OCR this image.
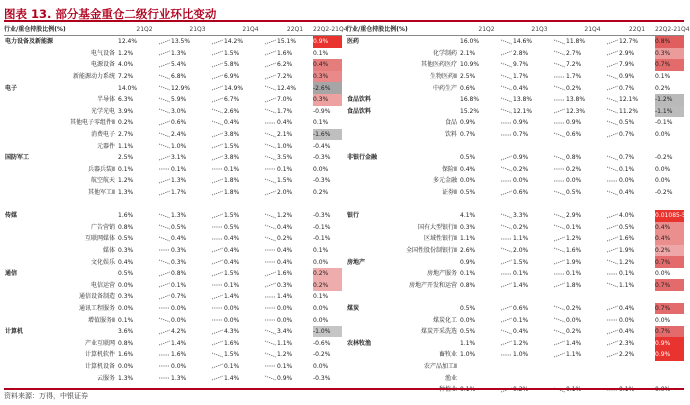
图表 13. 部分基金重仓二级行业环比变动
行业/重仓持股比例(%)		21Q2		21Q3		21Q4		22Q1	22Q2-21Q4
电力设备及新能源		12.4%		13.5%		14.2%		15.1%	0.9%
	电气设备	1.2%		1.3%		1.5%		1.6%	0.1%
	电源设备	4.0%		5.4%		5.8%		6.2%	0.4%
	新能源动力系统	7.2%		6.8%		6.9%		7.2%	0.3%
电子		14.0%		12.9%		14.9%		12.4%	-2.6%
	半导体	6.3%		5.9%		6.7%		7.0%	0.3%
	光学光电	3.9%		3.0%		2.6%		1.7%	-0.9%
	其他电子零组件Ⅱ	0.2%		0.6%		0.4%		0.4%	0.1%
	消费电子	2.7%		2.4%		3.8%		2.1%	-1.6%
	元器件	1.1%		1.0%		1.5%		1.0%	-0.4%
国防军工		2.5%		3.1%		3.8%		3.5%	-0.3%
	兵器兵装Ⅱ	0.1%		0.1%		0.1%		0.1%	0.0%
	航空航天	1.2%		1.3%		1.8%		1.5%	-0.3%
	其他军工Ⅱ	1.3%		1.7%		1.8%		2.0%	0.2%

传媒		1.6%		1.3%		1.5%		1.2%	-0.3%
	广告营销	0.8%		0.5%		0.5%		0.4%	-0.1%
	互联网媒体	0.5%		0.4%		0.4%		0.2%	-0.1%
	媒体	0.3%		0.3%		0.4%		0.4%	0.1%
	文化娱乐	0.4%		0.3%		0.4%		0.4%	0.0%
通信		0.5%		0.8%		1.5%		1.6%	0.2%
	电信运营	0.0%		0.1%		0.1%		0.3%	0.2%
	通信设备制造	0.3%		0.7%		1.4%		1.4%	0.1%
	通讯工程服务	0.0%		0.0%		0.0%		0.0%	0.0%
	增值服务Ⅱ	0.1%		0.0%		0.0%		0.0%	0.0%
计算机		3.6%		4.2%		4.3%		3.4%	-1.0%
	产业互联网	0.8%		1.4%		1.6%		1.1%	-0.6%
	计算机软件	1.6%		1.6%		1.5%		1.2%	-0.2%
	计算机设备	0.0%		0.0%		0.1%		0.1%	0.0%
	云服务	1.3%		1.3%		1.4%		0.9%	-0.3%
行业/重仓持股比例(%)		21Q2		21Q3		21Q4		22Q1	22Q2-21Q4
医药		16.0%		14.6%		11.8%		12.7%	0.8%
	化学制药	2.1%		2.8%		2.7%		2.9%	0.3%
	其他医药医疗	10.9%		9.7%		7.2%		7.9%	0.7%
	生物医药Ⅱ	2.5%		1.7%		1.7%		0.9%	0.1%
	中药生产	0.6%		0.4%		0.2%		0.7%	0.2%
食品饮料		16.8%		13.8%		13.8%		12.1%	-1.2%
食品饮料		15.2%		12.1%		12.3%		11.2%	-1.1%
	食品	0.9%		0.9%		0.9%		0.5%	-0.1%
	饮料	0.7%		0.7%		0.6%		0.7%	0.0%

非银行金融		0.5%		0.9%		0.8%		0.7%	-0.2%
	保险Ⅱ	0.4%		0.2%		0.2%		0.1%	0.0%
	多元金融	0.0%		0.0%		0.0%		0.0%	0.0%
	证券Ⅱ	0.5%		0.6%		0.5%		0.4%	-0.2%

银行		4.1%		3.3%		2.9%		4.0%	0.01085-5
	国有大型银行Ⅱ	0.3%		0.2%		0.1%		0.5%	0.4%
	区域性银行Ⅱ	1.1%		1.1%		1.2%		1.6%	0.4%
	全国性股份制银行Ⅱ	2.6%		2.0%		1.6%		1.9%	0.2%
房地产		0.9%		1.5%		1.9%		1.2%	0.7%
	房地产服务	0.1%		0.1%		0.1%		0.1%	0.0%
	房地产开发和运营	0.8%		1.4%		1.8%		1.1%	0.7%

煤炭		0.5%		0.6%		0.2%		0.4%	0.7%
	煤炭化工	0.0%		0.1%		0.0%		0.0%	0.0%
	煤炭开采洗选	0.5%		0.4%		0.2%		0.4%	0.7%
农林牧渔		1.1%		1.2%		1.4%		2.3%	0.9%
	畜牧业	1.0%		1.0%		1.1%		2.2%	0.9%
	农产品加工Ⅱ								
	渔业								
	种植业	0.1%		0.2%		0.1%		0.1%	0.0%
资料来源：万得，中银证券
